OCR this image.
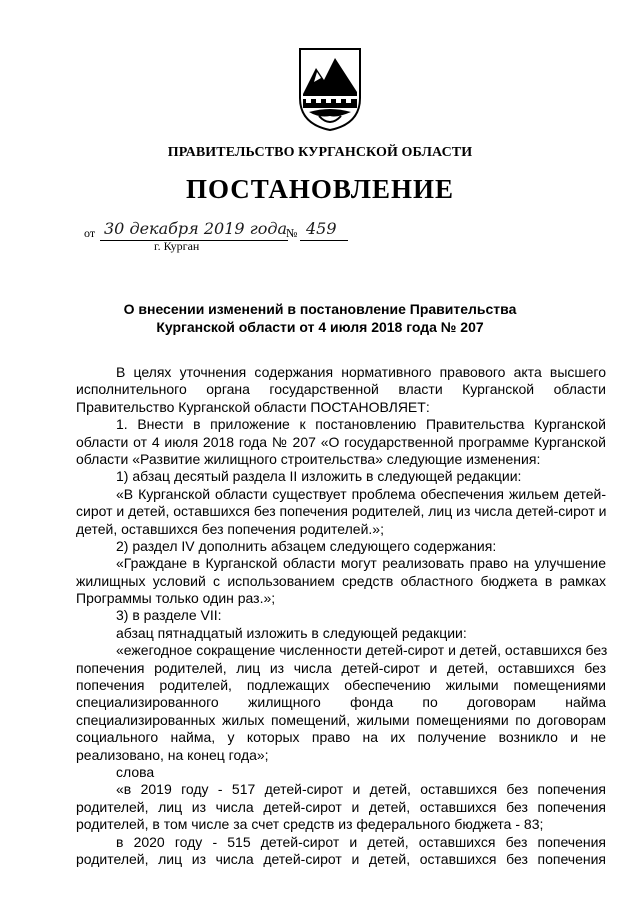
ПРАВИТЕЛЬСТВО КУРГАНСКОЙ ОБЛАСТИ
ПОСТАНОВЛЕНИЕ
от 30 декабря 2019 года
№ 459
г. Курган
О внесении изменений в постановление Правительства
Курганской области от 4 июля 2018 года № 207
В целях уточнения содержания нормативного правового акта высшего
исполнительного органа государственной власти Курганской области
Правительство Курганской области ПОСТАНОВЛЯЕТ:
1. Внести в приложение к постановлению Правительства Курганской
области от 4 июля 2018 года № 207 «О государственной программе Курганской
области «Развитие жилищного строительства» следующие изменения:
1) абзац десятый раздела II изложить в следующей редакции:
«В Курганской области существует проблема обеспечения жильем детей-
сирот и детей, оставшихся без попечения родителей, лиц из числа детей-сирот и
детей, оставшихся без попечения родителей.»;
2) раздел IV дополнить абзацем следующего содержания:
«Граждане в Курганской области могут реализовать право на улучшение
жилищных условий с использованием средств областного бюджета в рамках
Программы только один раз.»;
3) в разделе VII:
абзац пятнадцатый изложить в следующей редакции:
«ежегодное сокращение численности детей-сирот и детей, оставшихся без
попечения родителей, лиц из числа детей-сирот и детей, оставшихся без
попечения родителей, подлежащих обеспечению жилыми помещениями
специализированного жилищного фонда по договорам найма
специализированных жилых помещений, жилыми помещениями по договорам
социального найма, у которых право на их получение возникло и не
реализовано, на конец года»;
слова
«в 2019 году - 517 детей-сирот и детей, оставшихся без попечения
родителей, лиц из числа детей-сирот и детей, оставшихся без попечения
родителей, в том числе за счет средств из федерального бюджета - 83;
в 2020 году - 515 детей-сирот и детей, оставшихся без попечения
родителей, лиц из числа детей-сирот и детей, оставшихся без попечения
